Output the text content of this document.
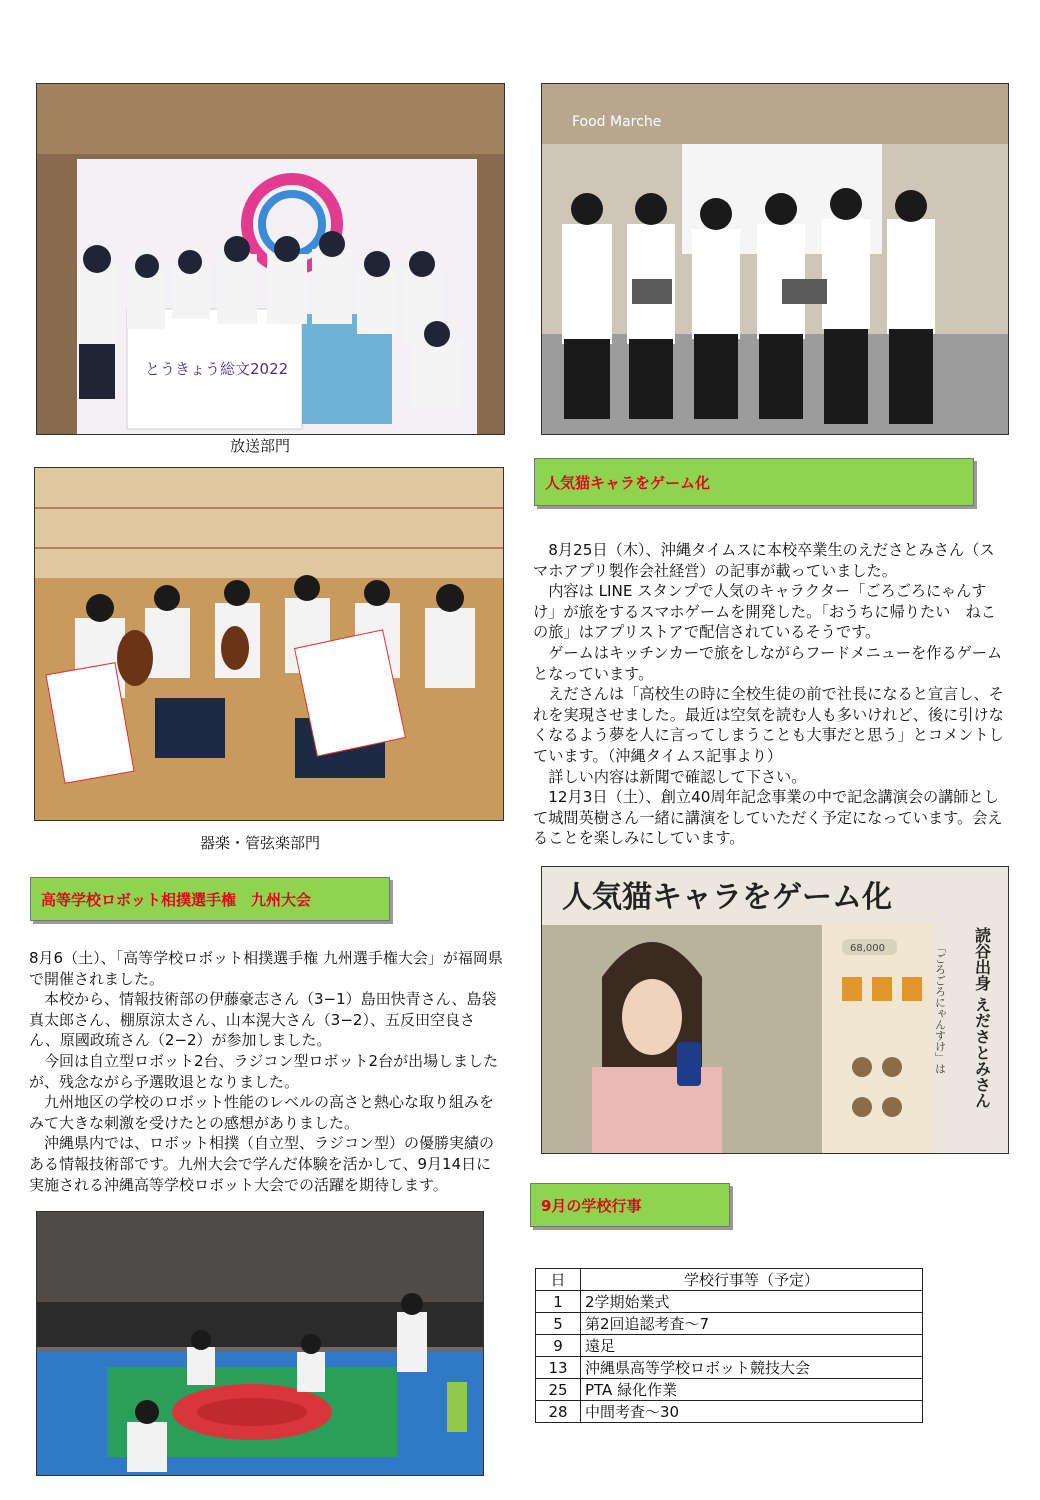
とうきょう総文2022
放送部門
Food Marche
器楽・管弦楽部門
人気猫キャラをゲーム化

　8月25日（木）、沖縄タイムスに本校卒業生のえださとみさん（スマホアプリ製作会社経営）の記事が載っていました。

　内容は LINE スタンプで人気のキャラクター「ごろごろにゃんすけ」が旅をするスマホゲームを開発した。「おうちに帰りたい　ねこの旅」はアプリストアで配信されているそうです。

　ゲームはキッチンカーで旅をしながらフードメニューを作るゲームとなっています。

　えださんは「高校生の時に全校生徒の前で社長になると宣言し、それを実現させました。最近は空気を読む人も多いけれど、後に引けなくなるよう夢を人に言ってしまうことも大事だと思う」とコメントしています。（沖縄タイムス記事より）

　詳しい内容は新聞で確認して下さい。

　12月3日（土）、創立40周年記念事業の中で記念講演会の講師として城間英樹さん一緒に講演をしていただく予定になっています。会えることを楽しみにしています。

人気猫キャラをゲーム化
68,000	「ごろごろにゃんすけ」は 読谷出身 えださとみさん
高等学校ロボット相撲選手権　九州大会

8月6（土）、「高等学校ロボット相撲選手権 九州選手権大会」が福岡県で開催されました。

　本校から、情報技術部の伊藤豪志さん（3−1）島田快青さん、島袋真太郎さん、棚原涼太さん、山本滉大さん（3−2）、五反田空良さん、原國政琉さん（2−2）が参加しました。

　今回は自立型ロボット2台、ラジコン型ロボット2台が出場しましたが、残念ながら予選敗退となりました。

　九州地区の学校のロボット性能のレベルの高さと熱心な取り組みをみて大きな刺激を受けたとの感想がありました。

　沖縄県内では、ロボット相撲（自立型、ラジコン型）の優勝実績のある情報技術部です。九州大会で学んだ体験を活かして、9月14日に実施される沖縄高等学校ロボット大会での活躍を期待します。

9月の学校行事
日	学校行事等（予定）
1	2学期始業式
5	第2回追認考査〜7
9	遠足
13	沖縄県高等学校ロボット競技大会
25	PTA 緑化作業
28	中間考査〜30
